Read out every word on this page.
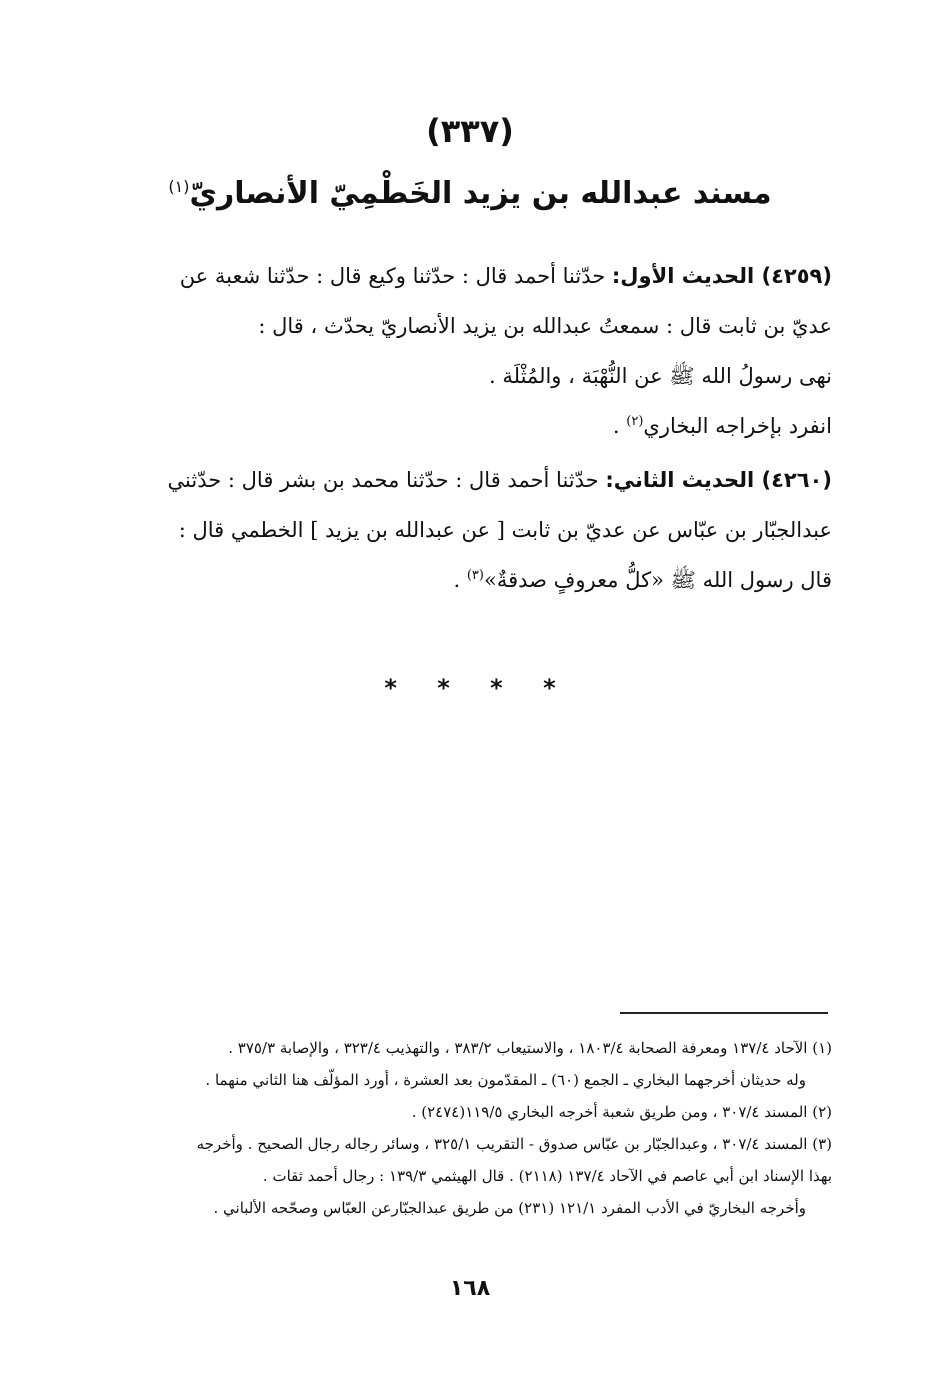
(٣٣٧)
مسند عبدالله بن يزيد الخَطْمِيّ الأنصاريّ$^{(١)}$

(٤٢٥٩) الحديث الأول: حدّثنا أحمد قال : حدّثنا وكيع قال : حدّثنا شعبة عن

عديّ بن ثابت قال : سمعتُ عبدالله بن يزيد الأنصاريّ يحدّث ، قال :

نهى رسولُ الله ﷺ عن النُّهْبَة ، والمُثْلَة .

انفرد بإخراجه البخاري$^{(٢)}$ .

(٤٢٦٠) الحديث الثاني: حدّثنا أحمد قال : حدّثنا محمد بن بشر قال : حدّثني

عبدالجبّار بن عبّاس عن عديّ بن ثابت [ عن عبدالله بن يزيد ] الخطمي قال :

قال رسول الله ﷺ «كلُّ معروفٍ صدقةٌ»$^{(٣)}$ .

* * * *

(١) الآحاد ١٣٧/٤ ومعرفة الصحابة ١٨٠٣/٤ ، والاستيعاب ٣٨٣/٢ ، والتهذيب ٣٢٣/٤ ، والإصابة ٣٧٥/٣ .

وله حديثان أخرجهما البخاري ـ الجمع (٦٠) ـ المقدّمون بعد العشرة ، أورد المؤلّف هنا الثاني منهما .

(٢) المسند ٣٠٧/٤ ، ومن طريق شعبة أخرجه البخاري ١١٩/٥(٢٤٧٤) .

(٣) المسند ٣٠٧/٤ ، وعبدالجبّار بن عبّاس صدوق - التقريب ٣٢٥/١ ، وسائر رجاله رجال الصحيح . وأخرجه

بهذا الإسناد ابن أبي عاصم في الآحاد ١٣٧/٤ (٢١١٨) . قال الهيثمي ١٣٩/٣ : رجال أحمد ثقات .

وأخرجه البخاريّ في الأدب المفرد ١٢١/١ (٢٣١) من طريق عبدالجبّارعن العبّاس وصحّحه الألباني .

١٦٨
